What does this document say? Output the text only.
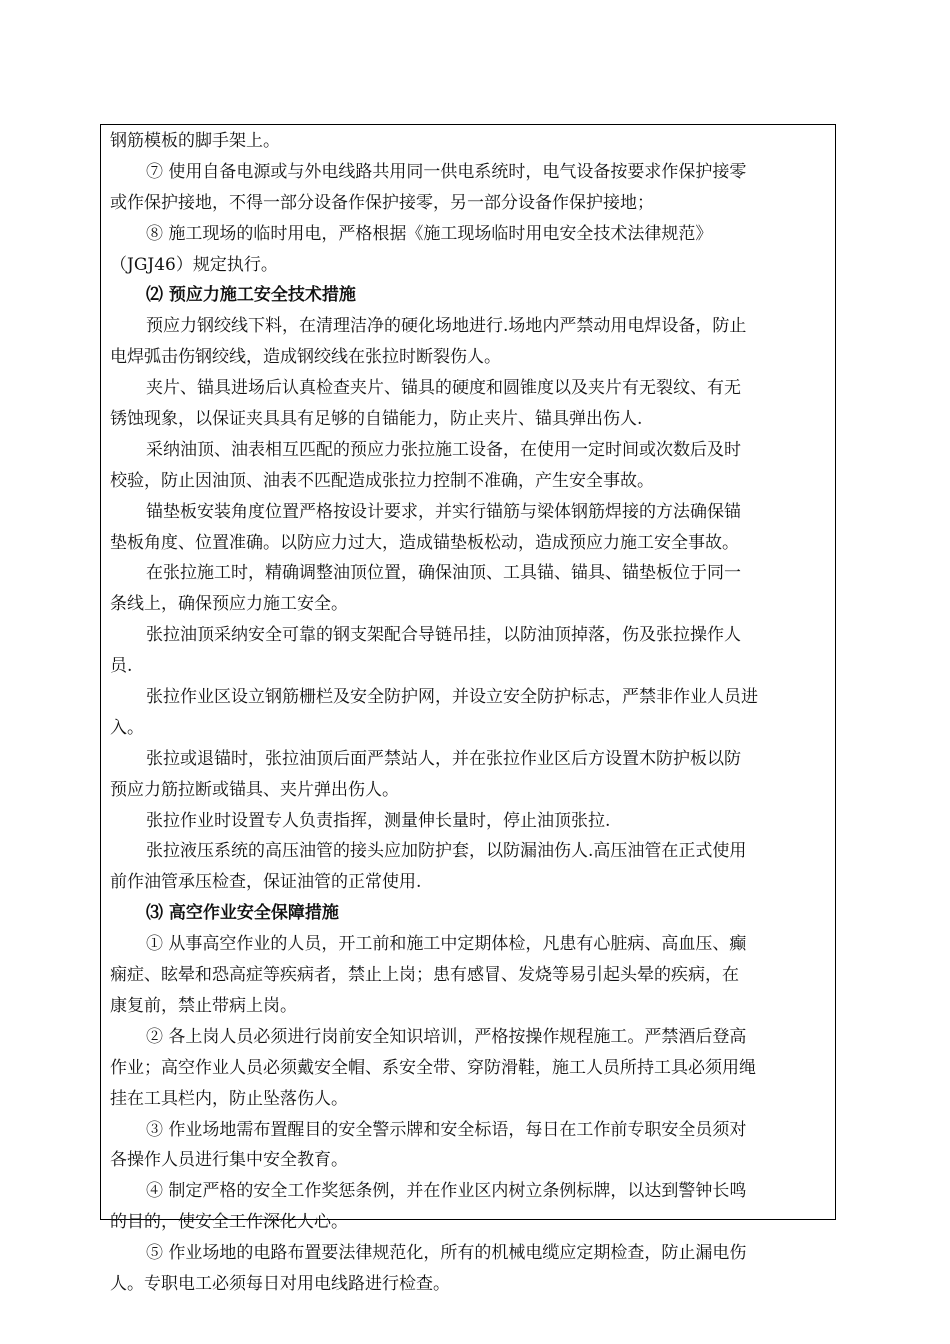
钢筋模板的脚手架上。
⑦ 使用自备电源或与外电线路共用同一供电系统时，电气设备按要求作保护接零
或作保护接地，不得一部分设备作保护接零，另一部分设备作保护接地；
⑧ 施工现场的临时用电，严格根据《施工现场临时用电安全技术法律规范》
（JGJ46）规定执行。
⑵ 预应力施工安全技术措施
预应力钢绞线下料，在清理洁净的硬化场地进行.场地内严禁动用电焊设备，防止
电焊弧击伤钢绞线，造成钢绞线在张拉时断裂伤人。
夹片、锚具进场后认真检查夹片、锚具的硬度和圆锥度以及夹片有无裂纹、有无
锈蚀现象，以保证夹具具有足够的自锚能力，防止夹片、锚具弹出伤人.
采纳油顶、油表相互匹配的预应力张拉施工设备，在使用一定时间或次数后及时
校验，防止因油顶、油表不匹配造成张拉力控制不准确，产生安全事故。
锚垫板安装角度位置严格按设计要求，并实行锚筋与梁体钢筋焊接的方法确保锚
垫板角度、位置准确。以防应力过大，造成锚垫板松动，造成预应力施工安全事故。
在张拉施工时，精确调整油顶位置，确保油顶、工具锚、锚具、锚垫板位于同一
条线上，确保预应力施工安全。
张拉油顶采纳安全可靠的钢支架配合导链吊挂，以防油顶掉落，伤及张拉操作人
员.
张拉作业区设立钢筋栅栏及安全防护网，并设立安全防护标志，严禁非作业人员进
入。
张拉或退锚时，张拉油顶后面严禁站人，并在张拉作业区后方设置木防护板以防
预应力筋拉断或锚具、夹片弹出伤人。
张拉作业时设置专人负责指挥，测量伸长量时，停止油顶张拉.
张拉液压系统的高压油管的接头应加防护套，以防漏油伤人.高压油管在正式使用
前作油管承压检查，保证油管的正常使用.
⑶ 高空作业安全保障措施
① 从事高空作业的人员，开工前和施工中定期体检，凡患有心脏病、高血压、癫
痫症、眩晕和恐高症等疾病者，禁止上岗；患有感冒、发烧等易引起头晕的疾病，在
康复前，禁止带病上岗。
② 各上岗人员必须进行岗前安全知识培训，严格按操作规程施工。严禁酒后登高
作业；高空作业人员必须戴安全帽、系安全带、穿防滑鞋，施工人员所持工具必须用绳
挂在工具栏内，防止坠落伤人。
③ 作业场地需布置醒目的安全警示牌和安全标语，每日在工作前专职安全员须对
各操作人员进行集中安全教育。
④ 制定严格的安全工作奖惩条例，并在作业区内树立条例标牌，以达到警钟长鸣
的目的，使安全工作深化人心。
⑤ 作业场地的电路布置要法律规范化，所有的机械电缆应定期检查，防止漏电伤
人。专职电工必须每日对用电线路进行检查。
